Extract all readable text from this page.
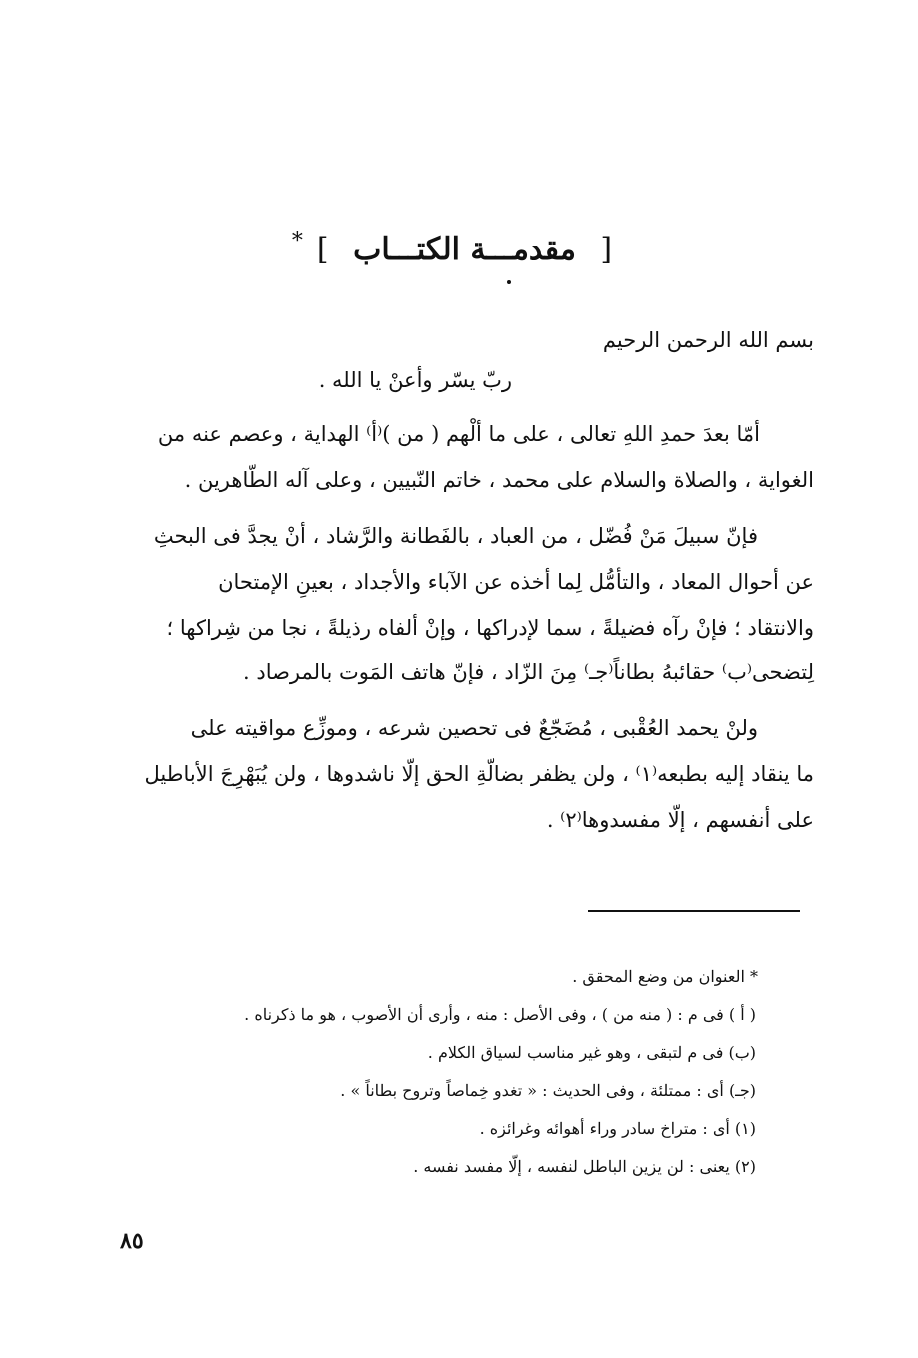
[ مقدمـــة الكتـــاب ]*
بسم الله الرحمن الرحيم
ربّ يسّر وأعنْ يا الله .
أمّا بعدَ حمدِ اللهِ تعالى ، على ما ألْهم ( من )⁽أ⁾ الهداية ، وعصم عنه من
الغواية ، والصلاة والسلام على محمد ، خاتم النّبيين ، وعلى آله الطّاهرين .
فإنّ سبيلَ مَنْ فُضّل ، من العباد ، بالفَطانة والرَّشاد ، أنْ يجدَّ فى البحثِ
عن أحوال المعاد ، والتأمُّل لِما أخذه عن الآباء والأجداد ، بعينِ الإمتحان
والانتقاد ؛ فإنْ رآه فضيلةً ، سما لإدراكها ، وإنْ ألفاه رذيلةً ، نجا من شِراكها ؛
لِتضحى⁽ب⁾ حقائبهُ بطاناً⁽جـ⁾ مِنَ الزّاد ، فإنّ هاتف المَوت بالمرصاد .
ولنْ يحمد العُقْبى ، مُضَجّعٌ فى تحصين شرعه ، وموزِّع مواقيته على
ما ينقاد إليه بطبعه⁽١⁾ ، ولن يظفر بضالّةِ الحق إلّا ناشدوها ، ولن يُبَهْرِجَ الأباطيل
على أنفسهم ، إلّا مفسدوها⁽٢⁾ .
* العنوان من وضع المحقق .
( أ ) فى م : ( منه من ) ، وفى الأصل : منه ، وأرى أن الأصوب ، هو ما ذكرناه .
(ب) فى م لتبقى ، وهو غير مناسب لسياق الكلام .
(جـ) أى : ممتلئة ، وفى الحديث : « تغدو خِماصاً وتروح بطاناً » .
(١) أى : متراخ سادر وراء أهوائه وغرائزه .
(٢) يعنى : لن يزين الباطل لنفسه ، إلّا مفسد نفسه .
٨٥
